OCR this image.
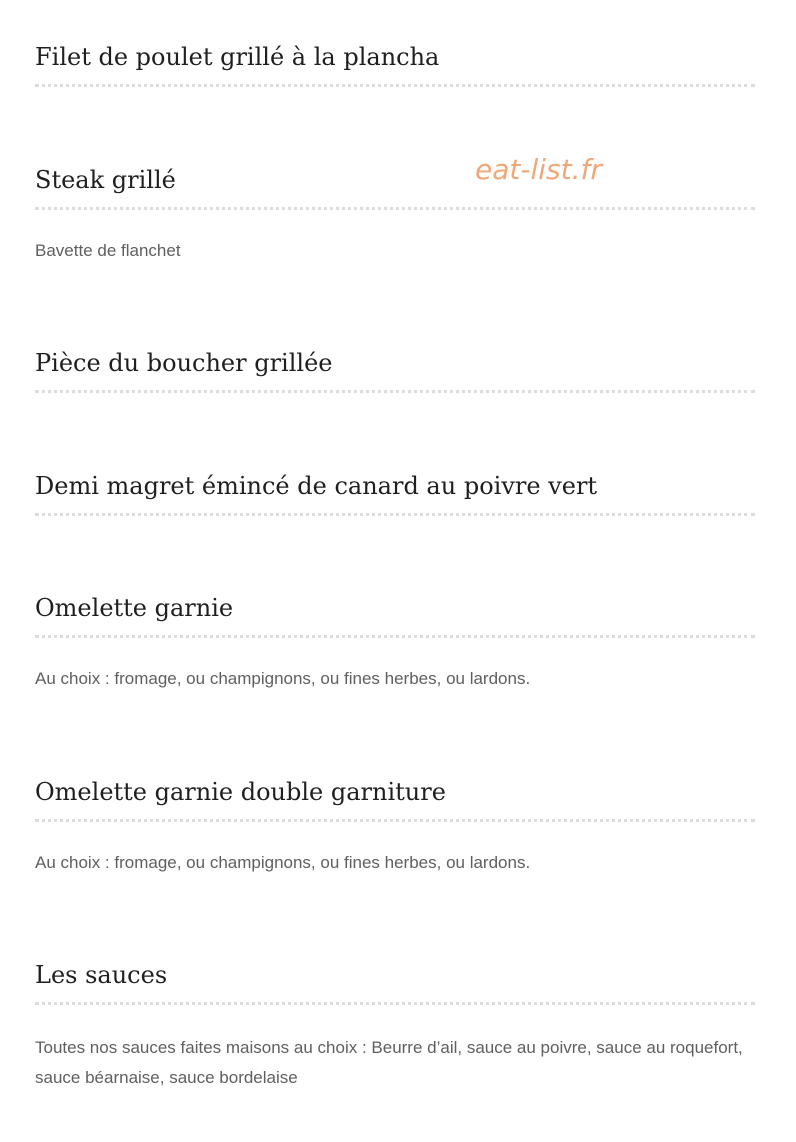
Filet de poulet grillé à la plancha
Steak grillé

Bavette de flanchet

Pièce du boucher grillée
Demi magret émincé de canard au poivre vert
Omelette garnie

Au choix : fromage, ou champignons, ou fines herbes, ou lardons.

Omelette garnie double garniture

Au choix : fromage, ou champignons, ou fines herbes, ou lardons.

Les sauces

Toutes nos sauces faites maisons au choix : Beurre d’ail, sauce au poivre, sauce au roquefort, sauce béarnaise, sauce bordelaise

eat-list.fr
